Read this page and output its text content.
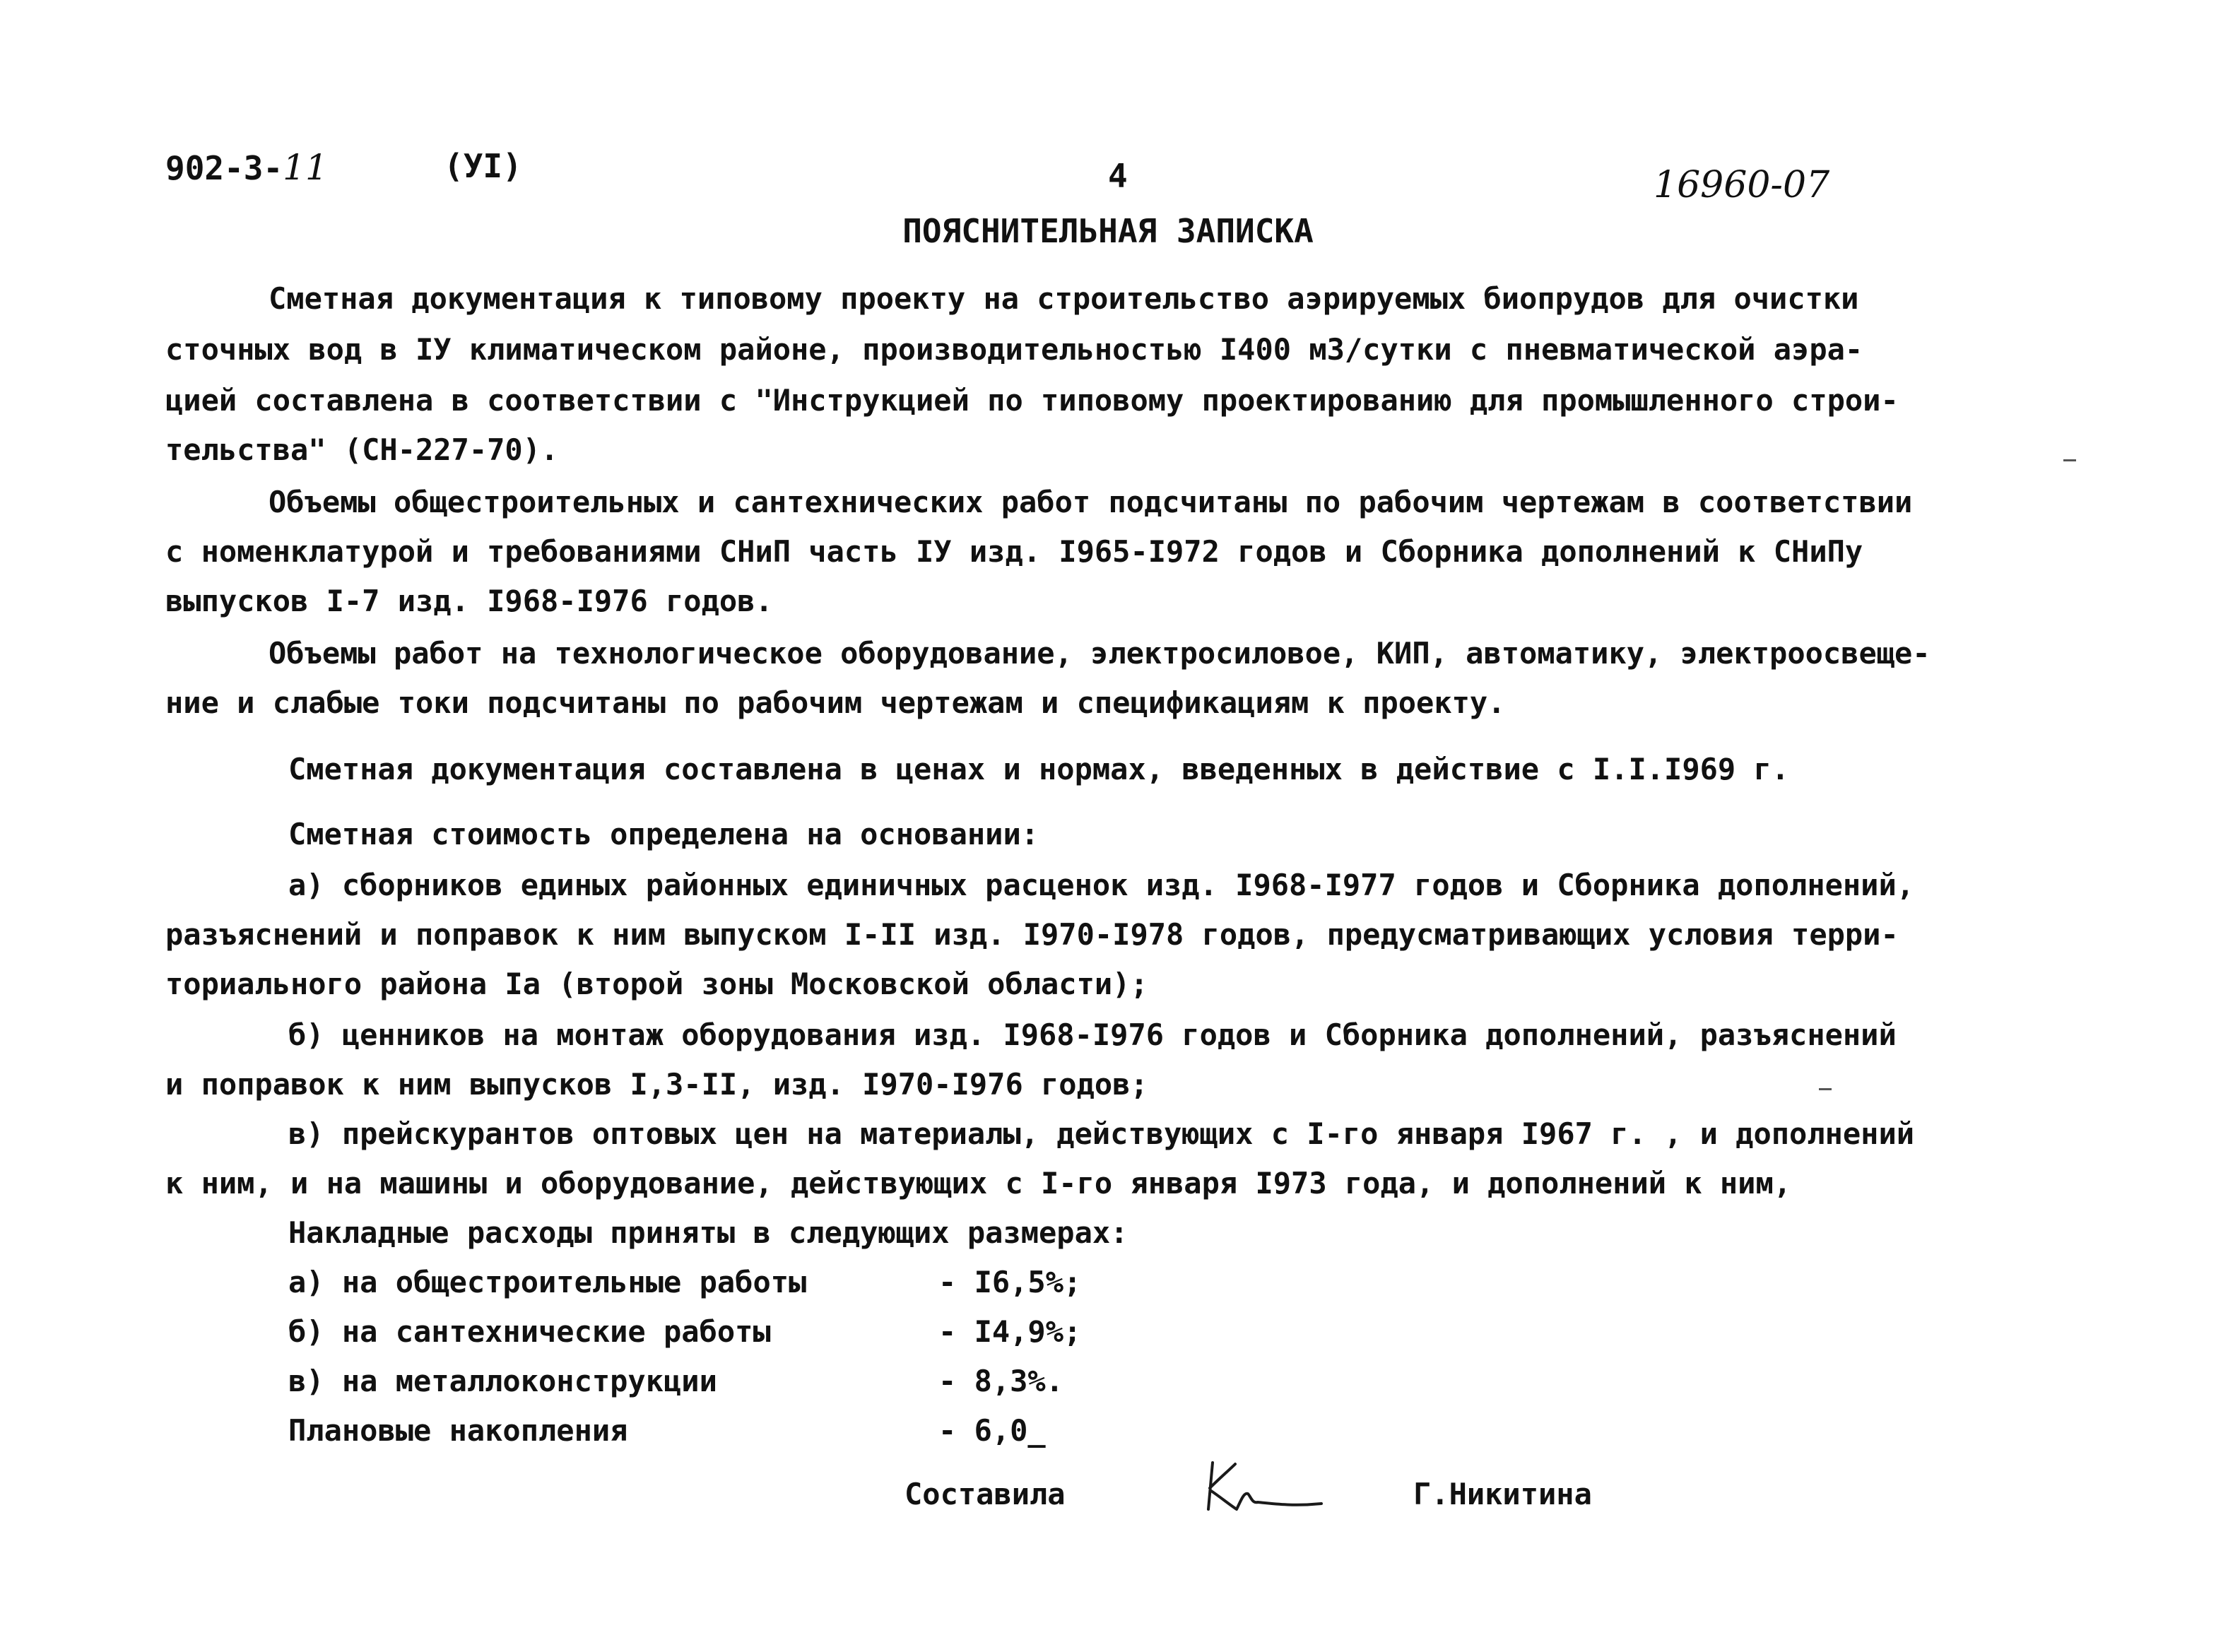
902-3-11	(УI)	4	16960-07
ПОЯСНИТЕЛЬНАЯ ЗАПИСКА
Сметная документация к типовому проекту на строительство аэрируемых биопрудов для очистки
сточных вод в IУ климатическом районе, производительностью I400 м3/сутки с пневматической аэра-
цией составлена в соответствии с "Инструкцией по типовому проектированию для промышленного строи-
тельства" (СН-227-70).
Объемы общестроительных и сантехнических работ подсчитаны по рабочим чертежам в соответствии
с номенклатурой и требованиями СНиП часть IУ изд. I965-I972 годов и Сборника дополнений к СНиПу
выпусков I-7 изд. I968-I976 годов.
Объемы работ на технологическое оборудование, электросиловое, КИП, автоматику, электроосвеще-
ние и слабые токи подсчитаны по рабочим чертежам и спецификациям к проекту.
Сметная документация составлена в ценах и нормах, введенных в действие с I.I.I969 г.
Сметная стоимость определена на основании:
а) сборников единых районных единичных расценок изд. I968-I977 годов и Сборника дополнений,
разъяснений и поправок к ним выпуском I-II изд. I970-I978 годов, предусматривающих условия терри-
ториального района Iа (второй зоны Московской области);
б) ценников на монтаж оборудования изд. I968-I976 годов и Сборника дополнений, разъяснений
и поправок к ним выпусков I,3-II, изд. I970-I976 годов;
в) прейскурантов оптовых цен на материалы, действующих с I-го января I967 г. , и дополнений
к ним, и на машины и оборудование, действующих с I-го января I973 года, и дополнений к ним,
Накладные расходы приняты в следующих размерах:
а) на общестроительные работы	- I6,5%;
б) на сантехнические работы	- I4,9%;
в) на металлоконструкции	- 8,3%.
Плановые накопления	- 6,0_
Составила	Г.Никитина
